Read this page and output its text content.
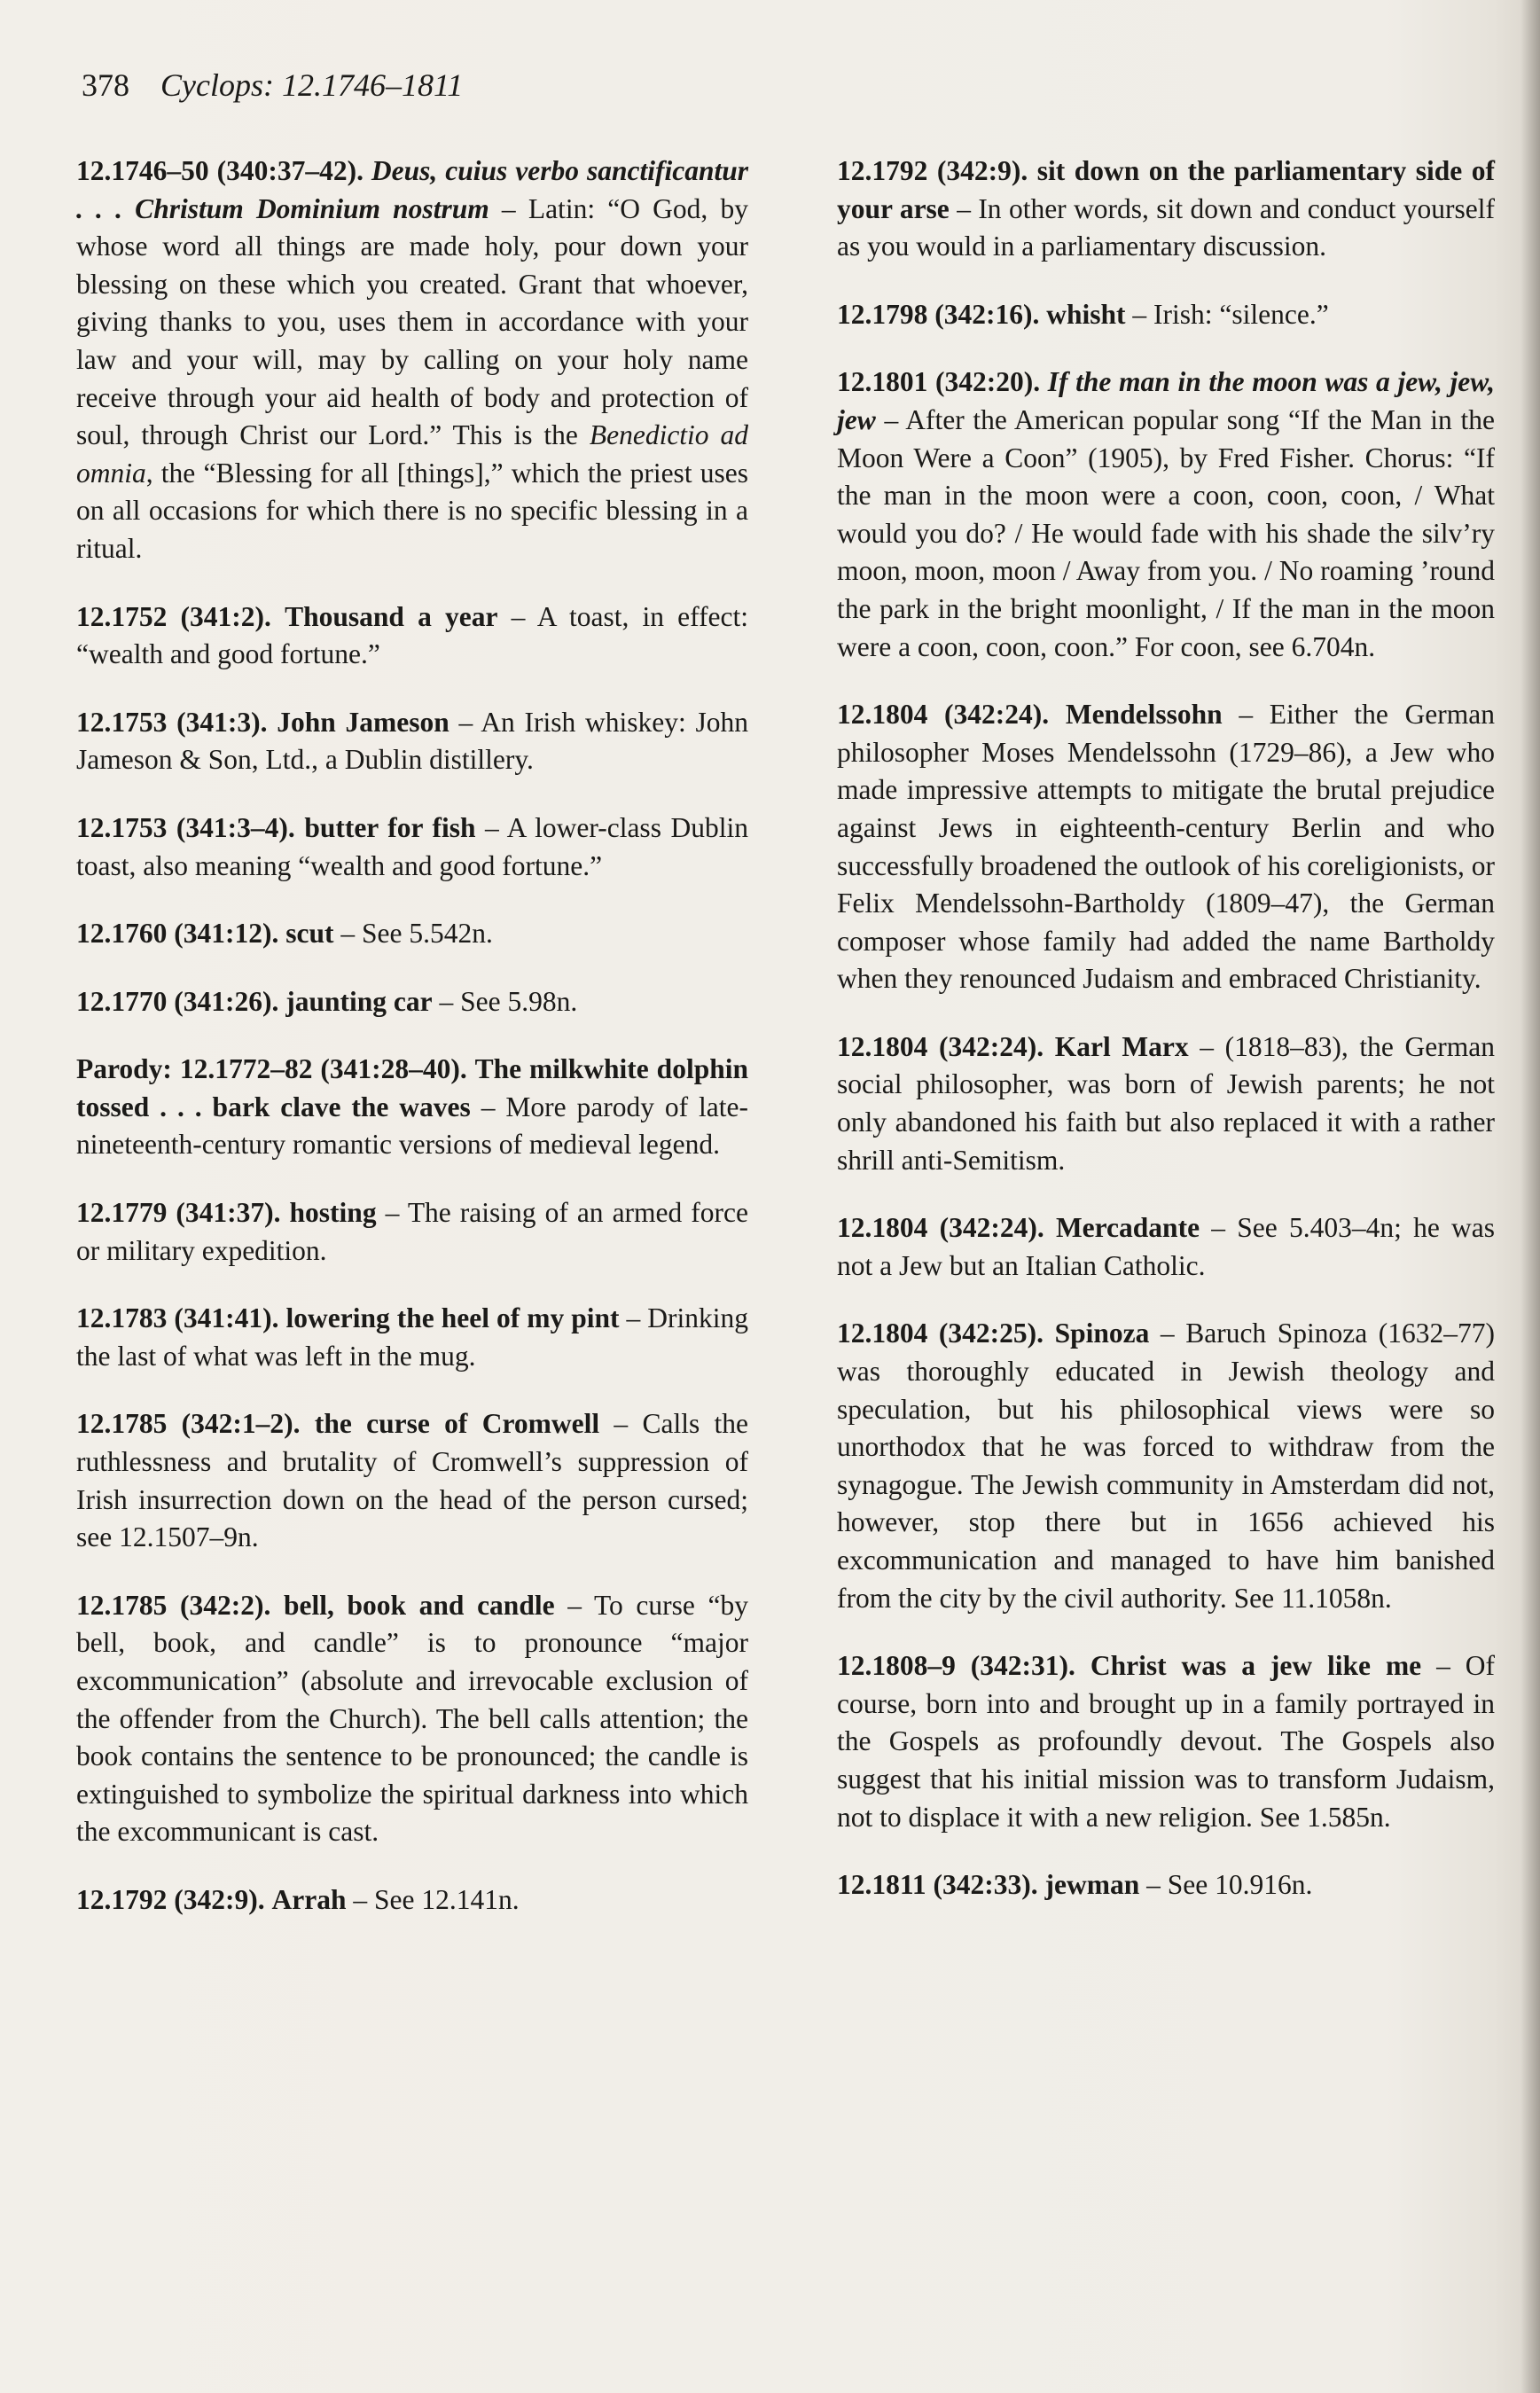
378 Cyclops: 12.1746–1811

12.1746–50 (340:37–42). Deus, cuius verbo sanctificantur . . . Christum Dominium nostrum – Latin: “O God, by whose word all things are made holy, pour down your blessing on these which you created. Grant that whoever, giving thanks to you, uses them in accordance with your law and your will, may by calling on your holy name receive through your aid health of body and protection of soul, through Christ our Lord.” This is the Benedictio ad omnia, the “Blessing for all [things],” which the priest uses on all occasions for which there is no specific blessing in a ritual.

12.1752 (341:2). Thousand a year – A toast, in effect: “wealth and good fortune.”

12.1753 (341:3). John Jameson – An Irish whiskey: John Jameson & Son, Ltd., a Dublin distillery.

12.1753 (341:3–4). butter for fish – A lower-class Dublin toast, also meaning “wealth and good fortune.”

12.1760 (341:12). scut – See 5.542n.

12.1770 (341:26). jaunting car – See 5.98n.

Parody: 12.1772–82 (341:28–40). The milkwhite dolphin tossed . . . bark clave the waves – More parody of late-nineteenth-century romantic versions of medieval legend.

12.1779 (341:37). hosting – The raising of an armed force or military expedition.

12.1783 (341:41). lowering the heel of my pint – Drinking the last of what was left in the mug.

12.1785 (342:1–2). the curse of Cromwell – Calls the ruthlessness and brutality of Cromwell’s suppression of Irish insurrection down on the head of the person cursed; see 12.1507–9n.

12.1785 (342:2). bell, book and candle – To curse “by bell, book, and candle” is to pronounce “major excommunication” (absolute and irrevocable exclusion of the offender from the Church). The bell calls attention; the book contains the sentence to be pronounced; the candle is extinguished to symbolize the spiritual darkness into which the excommunicant is cast.

12.1792 (342:9). Arrah – See 12.141n.

12.1792 (342:9). sit down on the parliamentary side of your arse – In other words, sit down and conduct yourself as you would in a parliamentary discussion.

12.1798 (342:16). whisht – Irish: “silence.”

12.1801 (342:20). If the man in the moon was a jew, jew, jew – After the American popular song “If the Man in the Moon Were a Coon” (1905), by Fred Fisher. Chorus: “If the man in the moon were a coon, coon, coon, / What would you do? / He would fade with his shade the silv’ry moon, moon, moon / Away from you. / No roaming ’round the park in the bright moonlight, / If the man in the moon were a coon, coon, coon.” For coon, see 6.704n.

12.1804 (342:24). Mendelssohn – Either the German philosopher Moses Mendelssohn (1729–86), a Jew who made impressive attempts to mitigate the brutal prejudice against Jews in eighteenth-century Berlin and who successfully broadened the outlook of his coreligionists, or Felix Mendelssohn-Bartholdy (1809–47), the German composer whose family had added the name Bartholdy when they renounced Judaism and embraced Christianity.

12.1804 (342:24). Karl Marx – (1818–83), the German social philosopher, was born of Jewish parents; he not only abandoned his faith but also replaced it with a rather shrill anti-Semitism.

12.1804 (342:24). Mercadante – See 5.403–4n; he was not a Jew but an Italian Catholic.

12.1804 (342:25). Spinoza – Baruch Spinoza (1632–77) was thoroughly educated in Jewish theology and speculation, but his philosophical views were so unorthodox that he was forced to withdraw from the synagogue. The Jewish community in Amsterdam did not, however, stop there but in 1656 achieved his excommunication and managed to have him banished from the city by the civil authority. See 11.1058n.

12.1808–9 (342:31). Christ was a jew like me – Of course, born into and brought up in a family portrayed in the Gospels as profoundly devout. The Gospels also suggest that his initial mission was to transform Judaism, not to displace it with a new religion. See 1.585n.

12.1811 (342:33). jewman – See 10.916n.
